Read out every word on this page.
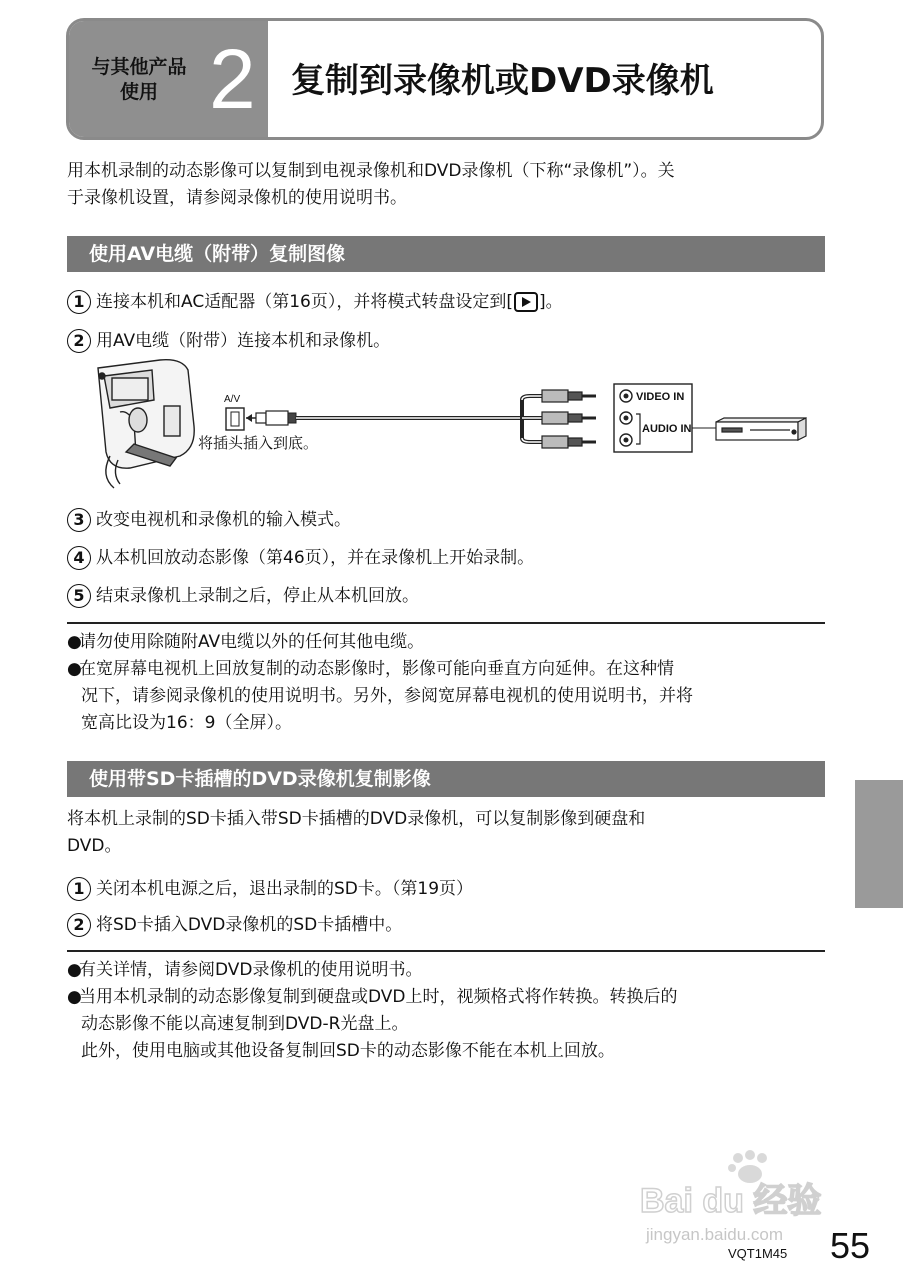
与其他产品
使用 2 复制到录像机或DVD录像机
用本机录制的动态影像可以复制到电视录像机和DVD录像机（下称“录像机”）。关
于录像机设置，请参阅录像机的使用说明书。
使用AV电缆（附带）复制图像
1 连接本机和AC适配器（第16页），并将模式转盘设定到[ ]。
2 用AV电缆（附带）连接本机和录像机。
A/V
将插头插入到底。
VIDEO IN
AUDIO IN
3 改变电视机和录像机的输入模式。
4 从本机回放动态影像（第46页），并在录像机上开始录制。
5 结束录像机上录制之后，停止从本机回放。
●请勿使用除随附AV电缆以外的任何其他电缆。
●在宽屏幕电视机上回放复制的动态影像时，影像可能向垂直方向延伸。在这种情
况下，请参阅录像机的使用说明书。另外，参阅宽屏幕电视机的使用说明书，并将
宽高比设为16：9（全屏）。
使用带SD卡插槽的DVD录像机复制影像
将本机上录制的SD卡插入带SD卡插槽的DVD录像机，可以复制影像到硬盘和
DVD。
1 关闭本机电源之后，退出录制的SD卡。（第19页）
2 将SD卡插入DVD录像机的SD卡插槽中。
●有关详情，请参阅DVD录像机的使用说明书。
●当用本机录制的动态影像复制到硬盘或DVD上时，视频格式将作转换。转换后的
动态影像不能以高速复制到DVD-R光盘上。
此外，使用电脑或其他设备复制回SD卡的动态影像不能在本机上回放。
Bai du 经验
jingyan.baidu.com
VQT1M45 55
